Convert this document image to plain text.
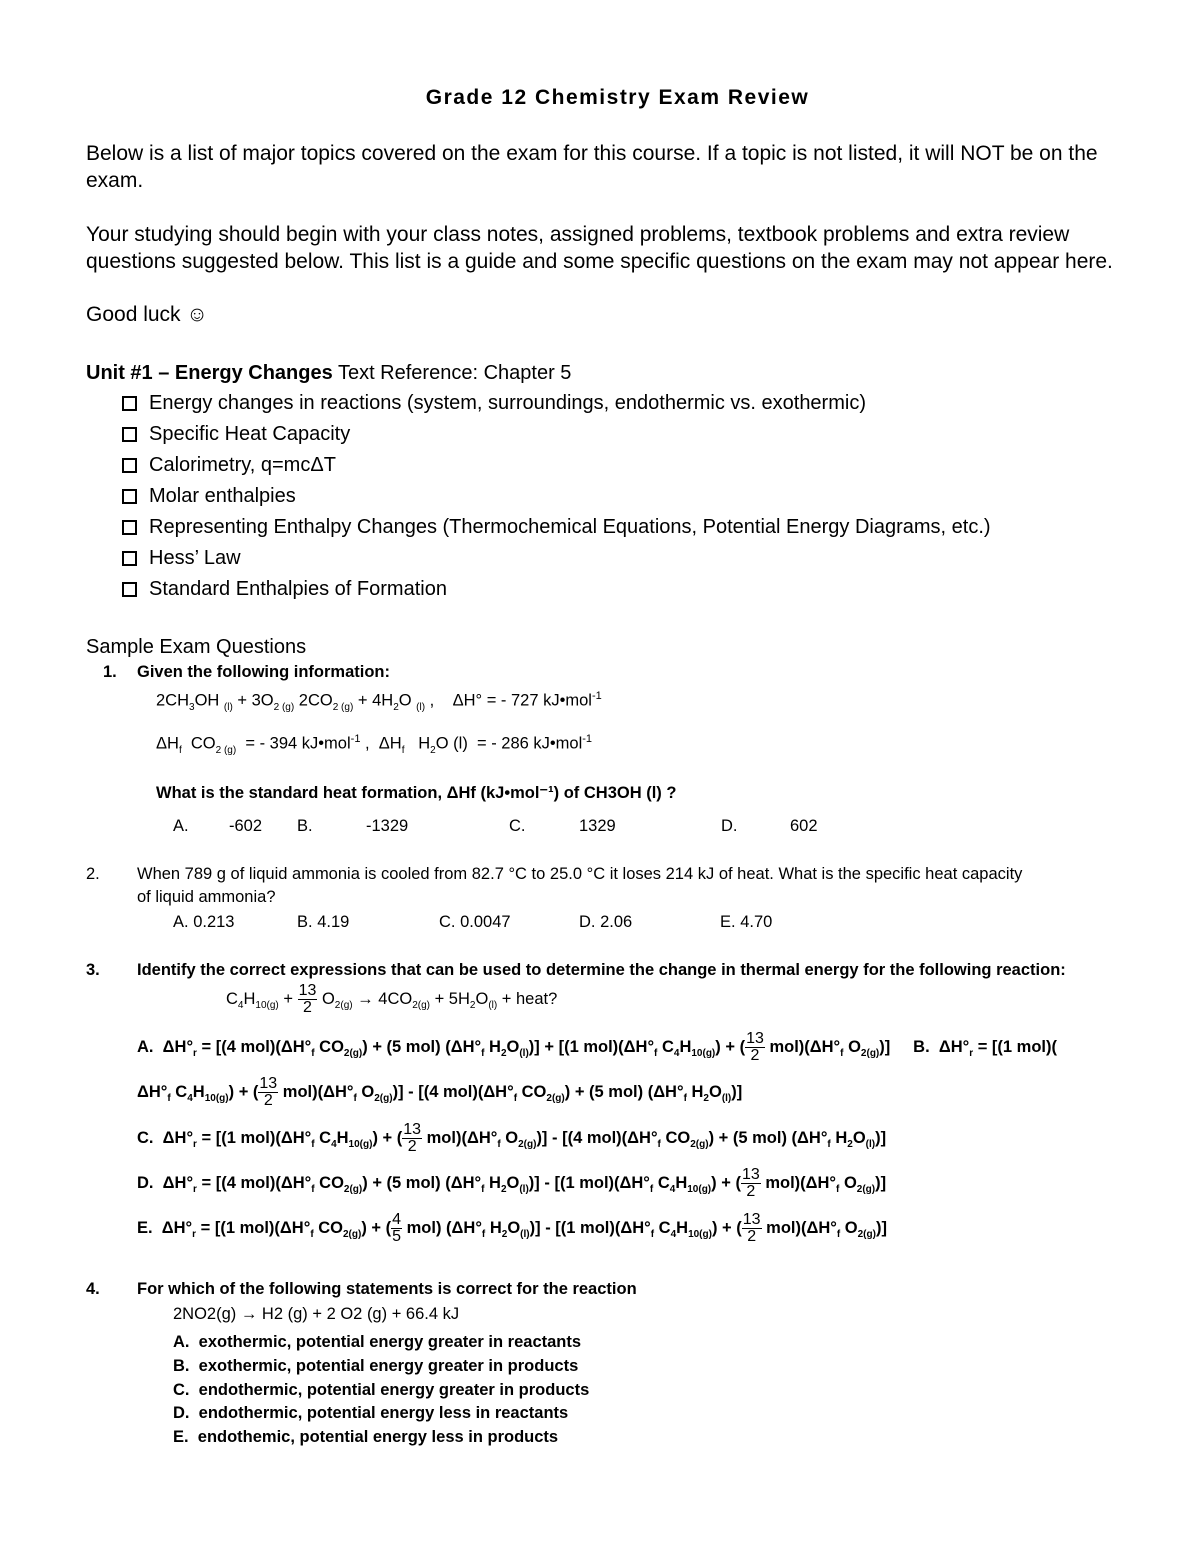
Grade 12 Chemistry Exam Review
Below is a list of major topics covered on the exam for this course. If a topic is not listed, it will NOT be on the exam.
Your studying should begin with your class notes, assigned problems, textbook problems and extra review questions suggested below. This list is a guide and some specific questions on the exam may not appear here.
Good luck ☺
Unit #1 – Energy Changes Text Reference: Chapter 5
Energy changes in reactions (system, surroundings, endothermic vs. exothermic)
Specific Heat Capacity
Calorimetry, q=mcΔT
Molar enthalpies
Representing Enthalpy Changes (Thermochemical Equations, Potential Energy Diagrams, etc.)
Hess’ Law
Standard Enthalpies of Formation
Sample Exam Questions
1. Given the following information:
$2CH_3OH$ $_{(l)} + 3O_{2 (g)}$ $2CO_{2 (g)} + 4H_2O$ $_{(l)}$ ,    ΔH° = - 727 kJ•mol$^{-1}$
$\Delta H_f$  $CO_{2 (g)}$  = - 394 kJ•mol$^{-1}$ ,  $\Delta H_f$   $H_2O$ (l)  = - 286 kJ•mol$^{-1}$
What is the standard heat formation, ΔHf (kJ•mol⁻¹) of CH3OH (l) ?
A. -602 B.	-1329	C.	1329	D.	602
2. When 789 g of liquid ammonia is cooled from 82.7 °C to 25.0 °C it loses 214 kJ of heat. What is the specific heat capacity
of liquid ammonia?
A. 0.213	B. 4.19	C. 0.0047	D. 2.06	E. 4.70
3. Identify the correct expressions that can be used to determine the change in thermal energy for the following reaction:
$C_4H_{10(g)} + \frac{13}{2} O_{2(g)} \to 4CO_{2(g)} + 5H_2O_{(l)}$ + heat?
A.  $\Delta H^\circ_r = [(4$ $mol)(\Delta H^\circ_f$ $CO_{2(g)}) + (5$ mol) ($\Delta H^\circ_f$ $H_2O_{(l)})] + [(1$ $mol)(\Delta H^\circ_f$ $C_4H_{10(g)}$) + ( $\frac{13}{2} mol)(\Delta H^\circ_f$ $O_{2(g)}$)]     B.  $\Delta H^\circ_r = [(1$ mol)(
$\Delta H^\circ_f$ $C_4H_{10(g)}$) + ( $\frac{13}{2} mol)(\Delta H^\circ_f$ $O_{2(g)})] - [(4$ $mol)(\Delta H^\circ_f$ $CO_{2(g)}) + (5$ mol) ($\Delta H^\circ_f$ $H_2O_{(l)}$)]
C.  $\Delta H^\circ_r = [(1$ $mol)(\Delta H^\circ_f$ $C_4H_{10(g)}$) + ( $\frac{13}{2} mol)(\Delta H^\circ_f$ $O_{2(g)})] - [(4$ $mol)(\Delta H^\circ_f$ $CO_{2(g)}) + (5$ mol) ($\Delta H^\circ_f$ $H_2O_{(l)}$)]
D.  $\Delta H^\circ_r = [(4$ $mol)(\Delta H^\circ_f$ $CO_{2(g)}) + (5$ mol) ($\Delta H^\circ_f$ $H_2O_{(l)})] - [(1$ $mol)(\Delta H^\circ_f$ $C_4H_{10(g)}$) + ( $\frac{13}{2} mol)(\Delta H^\circ_f$ $O_{2(g)}$)]
E.  $\Delta H^\circ_r = [(1$ $mol)(\Delta H^\circ_f$ $CO_{2(g)}$) + ( $\frac{4}{5} mol$) ($\Delta H^\circ_f$ $H_2O_{(l)})] - [(1$ $mol)(\Delta H^\circ_f$ $C_4H_{10(g)}$) + ( $\frac{13}{2} mol)(\Delta H^\circ_f$ $O_{2(g)}$)]
4. For which of the following statements is correct for the reaction
2NO2(g) → H2 (g) + 2 O2 (g) + 66.4 kJ
A. exothermic, potential energy greater in reactants
B. exothermic, potential energy greater in products
C. endothermic, potential energy greater in products
D. endothermic, potential energy less in reactants
E. endothemic, potential energy less in products
